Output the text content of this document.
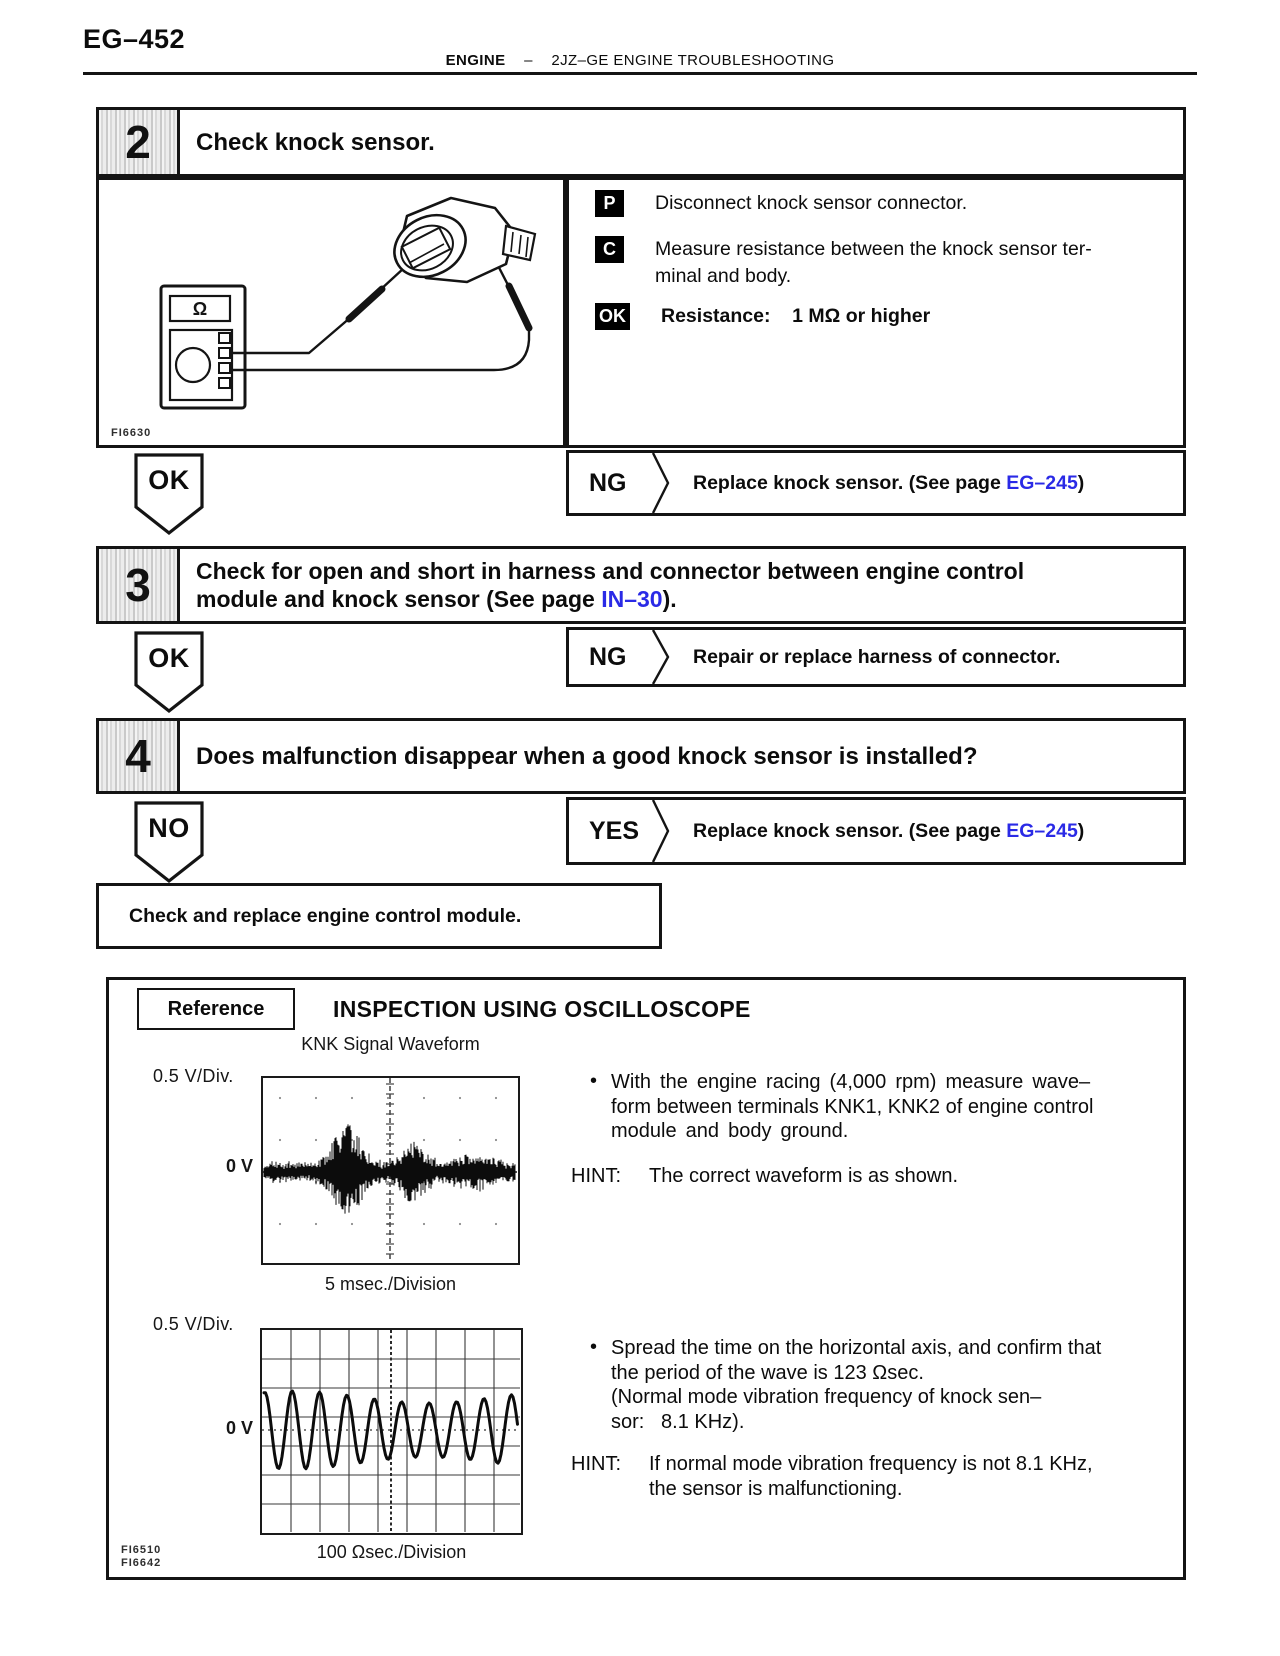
EG–452
ENGINE – 2JZ–GE ENGINE TROUBLESHOOTING
2	Check knock sensor.
Ω
FI6630
P	Disconnect knock sensor connector.
C	Measure resistance between the knock sensor ter-
minal and body.
OK Resistance:    1 MΩ or higher
OK	NG	Replace knock sensor. (See page EG–245)
3	Check for open and short in harness and connector between engine control
module and knock sensor (See page IN–30).
OK	NG	Repair or replace harness of connector.
4	Does malfunction disappear when a good knock sensor is installed?
NO	YES	Replace knock sensor. (See page EG–245)
Check and replace engine control module.
Reference	INSPECTION USING OSCILLOSCOPE
KNK Signal Waveform
0.5 V/Div.
0 V
5 msec./Division
0.5 V/Div.
0 V
100 Ωsec./Division
FI6510
FI6642
• With the engine racing (4,000 rpm) measure wave–
form between terminals KNK1, KNK2 of engine control
module and body ground.
HINT:	The correct waveform is as shown.
• Spread the time on the horizontal axis, and confirm that
the period of the wave is 123 Ωsec.
(Normal mode vibration frequency of knock sen–
sor:   8.1 KHz).
HINT:	If normal mode vibration frequency is not 8.1 KHz,
the sensor is malfunctioning.
